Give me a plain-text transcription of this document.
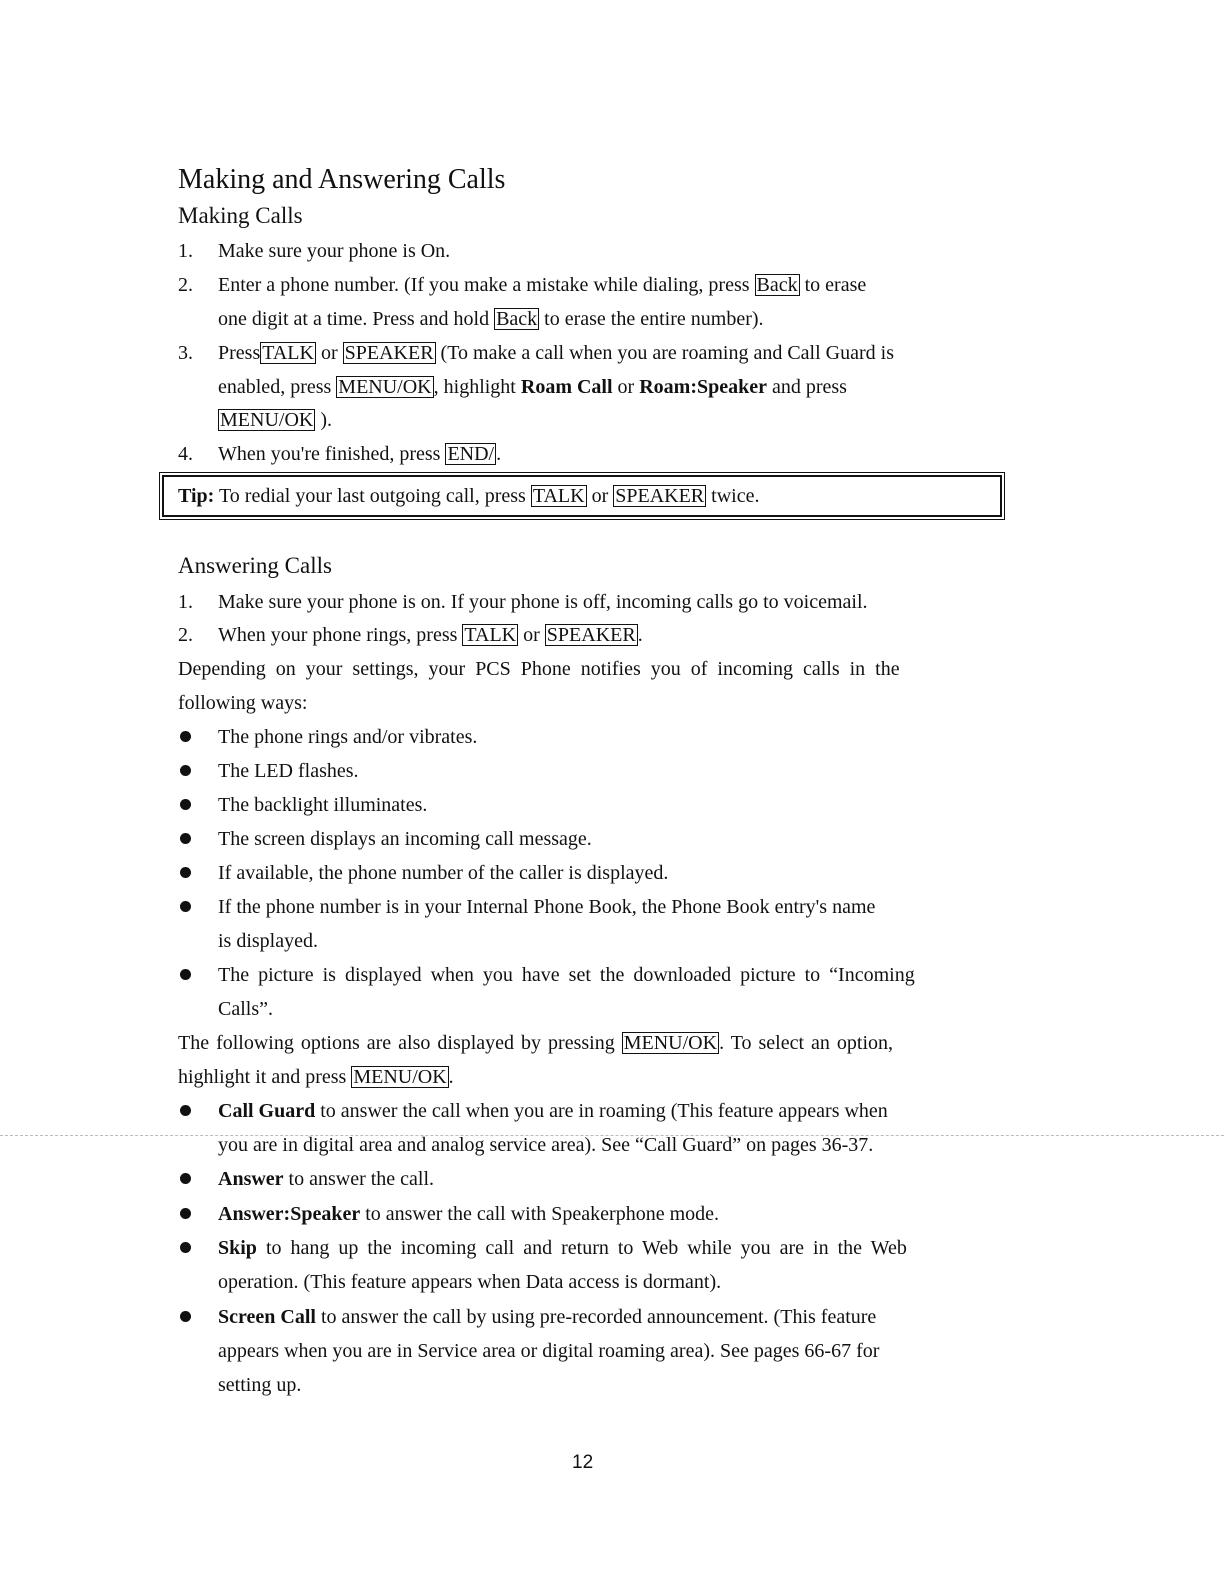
Making and Answering Calls
Making Calls
1. Make sure your phone is On.
2. Enter a phone number. (If you make a mistake while dialing, press Back to erase
one digit at a time. Press and hold Back to erase the entire number).
3. Press TALK or SPEAKER (To make a call when you are roaming and Call Guard is
enabled, press MENU/OK , highlight Roam Call or Roam:Speaker and press
MENU/OK ).
4. When you're finished, press END/ .
Tip: To redial your last outgoing call, press TALK or SPEAKER twice.
Answering Calls
1. Make sure your phone is on. If your phone is off, incoming calls go to voicemail.
2. When your phone rings, press TALK or SPEAKER .
Depending on your settings, your PCS Phone notifies you of incoming calls in the
following ways:
The phone rings and/or vibrates.
The LED flashes.
The backlight illuminates.
The screen displays an incoming call message.
If available, the phone number of the caller is displayed.
If the phone number is in your Internal Phone Book, the Phone Book entry's name
is displayed.
The picture is displayed when you have set the downloaded picture to “Incoming
Calls”.
The following options are also displayed by pressing MENU/OK . To select an option,
highlight it and press MENU/OK .
Call Guard to answer the call when you are in roaming (This feature appears when
you are in digital area and analog service area). See “Call Guard” on pages 36-37.
Answer to answer the call.
Answer:Speaker to answer the call with Speakerphone mode.
Skip to hang up the incoming call and return to Web while you are in the Web
operation. (This feature appears when Data access is dormant).
Screen Call to answer the call by using pre-recorded announcement. (This feature
appears when you are in Service area or digital roaming area). See pages 66-67 for
setting up.
12
